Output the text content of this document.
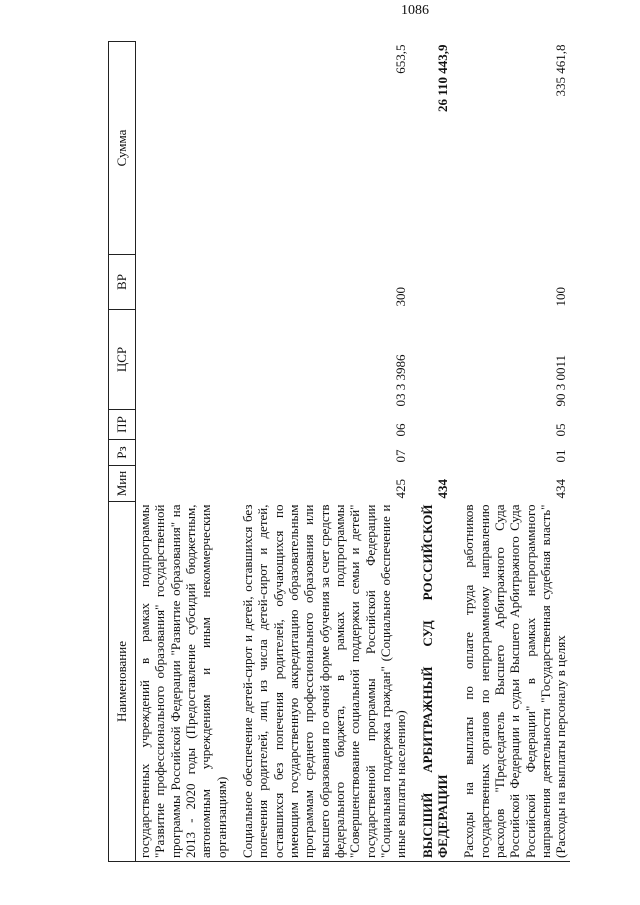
1086
Наименование	Мин	Рз	ПР	ЦСР	ВР	Сумма
государственных учреждений в рамках подпрограммы "Развитие профессионального образования" государственной программы Российской Федерации "Развитие образования" на 2013 - 2020 годы (Предоставление субсидий бюджетным, автономным учреждениям и иным некоммерческим организациям)						
Социальное обеспечение детей-сирот и детей, оставшихся без попечения родителей, лиц из числа детей-сирот и детей, оставшихся без попечения родителей, обучающихся по имеющим государственную аккредитацию образовательным программам среднего профессионального образования или высшего образования по очной форме обучения за счет средств федерального бюджета, в рамках подпрограммы "Совершенствование социальной поддержки семьи и детей" государственной программы Российской Федерации "Социальная поддержка граждан" (Социальное обеспечение и иные выплаты населению)	425	07	06	03 3 3986	300	653,5
ВЫСШИЙ АРБИТРАЖНЫЙ СУД РОССИЙСКОЙ ФЕДЕРАЦИИ	434					26 110 443,9
Расходы на выплаты по оплате труда работников государственных органов по непрограммному направлению расходов "Председатель Высшего Арбитражного Суда Российской Федерации и судьи Высшего Арбитражного Суда Российской Федерации" в рамках непрограммного направления деятельности "Государственная судебная власть" (Расходы на выплаты персоналу в целях	434	01	05	90 3 0011	100	335 461,8
